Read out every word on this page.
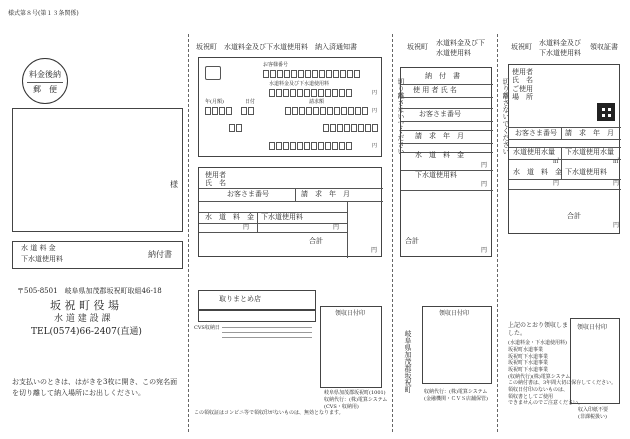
様式第８号(第１３条関係)
料金後納
郵　便
様
水 道 料 金
下水道使用料	納付書
〒505-8501　岐阜県加茂郡坂祝町取組46-18
坂 祝 町 役 場
水 道 建 設 課
TEL(0574)66-2407(直通)
お支払いのときは、はがきを3枚に開き、この宛名面
を切り離して納入場所にお出しください。
坂祝町　水道料金及び下水道使用料　納入済通知書
お客様番号
水道料金及び下水道使用料
円
年(月額)	日付	請求額
円
円
使用者
氏　名
お客さま番号	請　求　年　月
水　道　料　金 下水道使用料
円	円
合計
円
取りまとめ店
CVS収納日
領収日付印
岐阜県加茂郡坂祝町(1001)
収納代行：(株)電算システム
(CVS・収納用)
この領収証はコンビニ等で領収印がないものは、無効となります。
坂祝町 水道料金及び下
水道使用料
切り離さないでください	切り離さないでください
納　付　書
使 用 者 氏 名
お客さま番号
請　求　年　月
水　道　料　金
円
下水道使用料
円
合計
円
領収日付印
岐阜県加茂郡坂祝町 収納代行：(株)電算システム
(金融機関・ＣＶＳ店舗保管)
坂祝町 水道料金及び
下水道使用料
領収証書
使用者
氏　名
ご使用
場　所
お客さま番号 請　求　年　月
水道使用水量 下水道使用水量
㎥	㎥
水　道　料　金 下水道使用料
円	円
合計
円
上記のとおり領収しました。
(水道料金・下水道使用料)
坂祝町水道事業
坂祝町下水道事業
坂祝町下水道事業
坂祝町下水道事業
(収納代行)(株)電算システム
この納付書は、3年間大切に保存してください。
領収日付印のないものは、
領収書としてご使用
できませんのでご注意ください。
領収日付印
収入印紙不要
(非課税扱い)
